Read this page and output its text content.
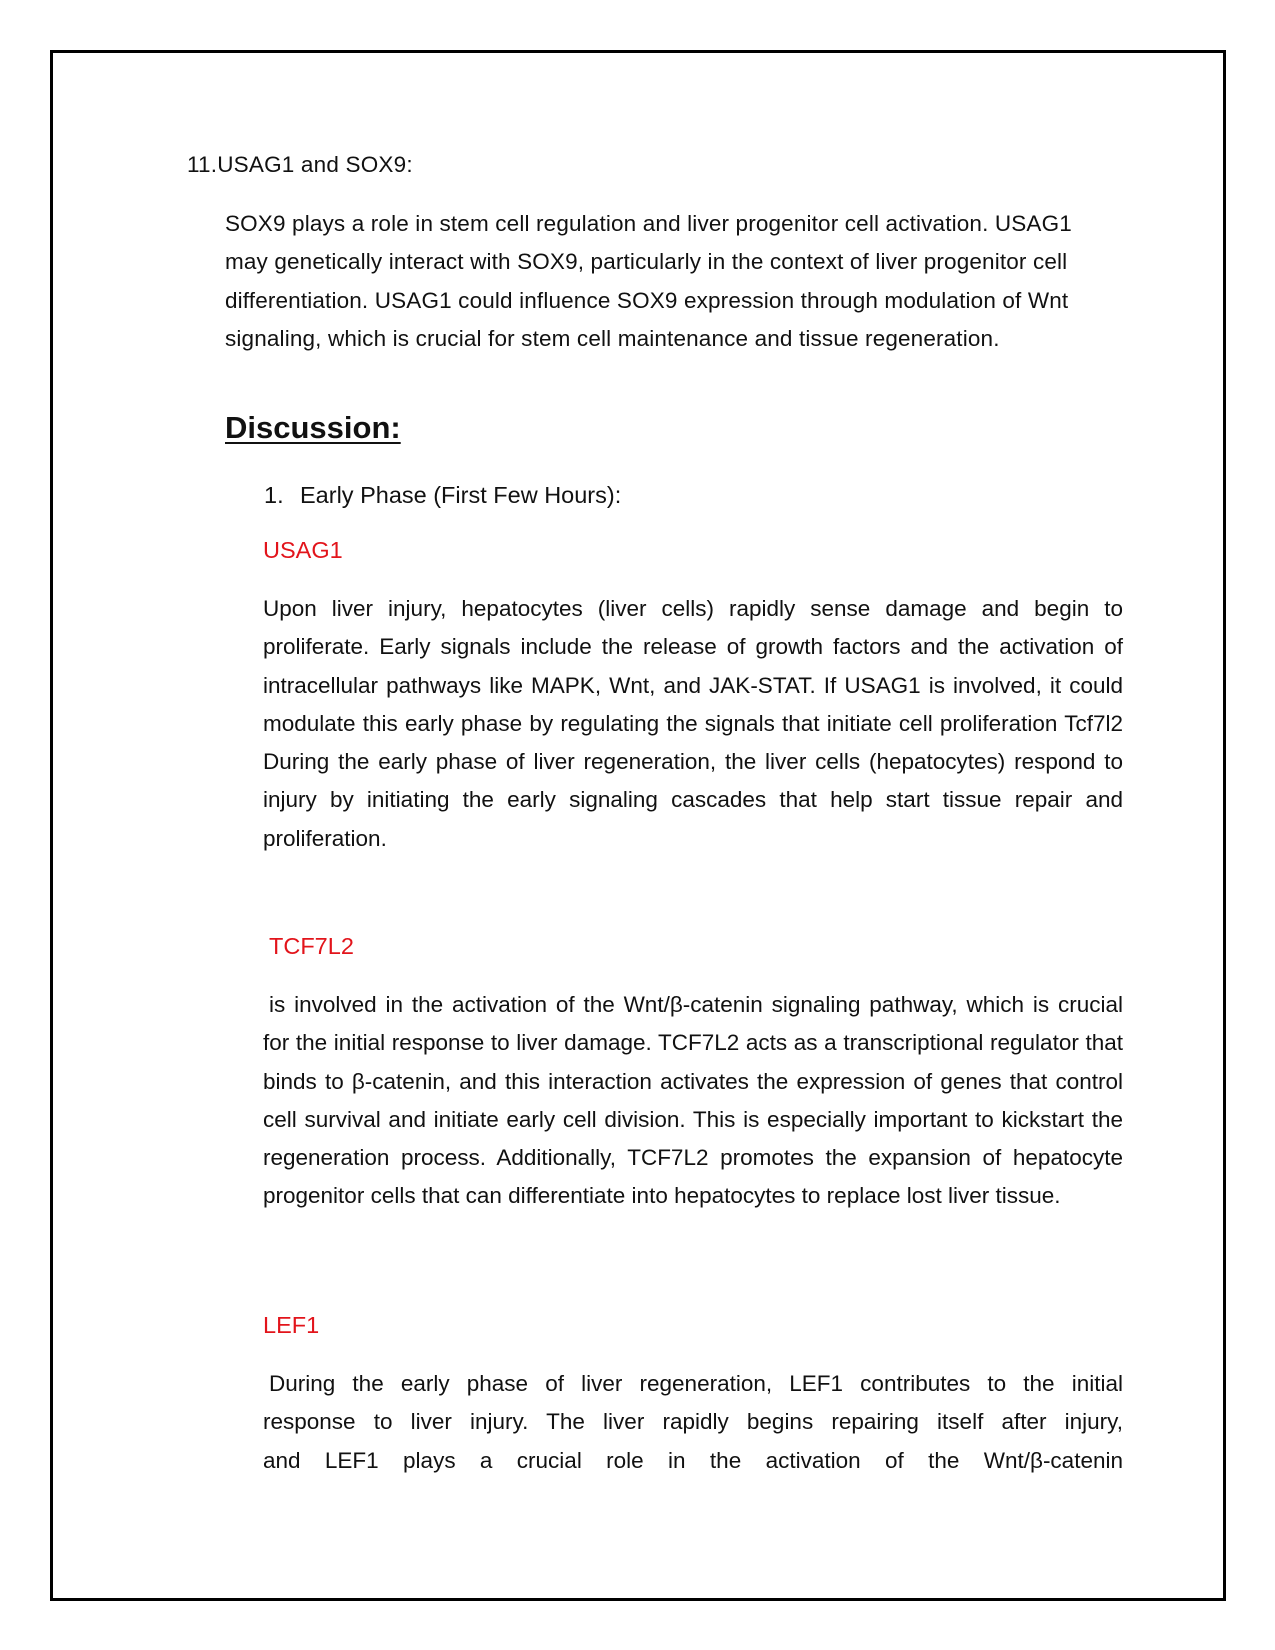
11.USAG1 and SOX9:
SOX9 plays a role in stem cell regulation and liver progenitor cell activation. USAG1 may genetically interact with SOX9, particularly in the context of liver progenitor cell differentiation. USAG1 could influence SOX9 expression through modulation of Wnt signaling, which is crucial for stem cell maintenance and tissue regeneration.
Discussion:
1. Early Phase (First Few Hours):
USAG1
Upon liver injury, hepatocytes (liver cells) rapidly sense damage and begin to proliferate. Early signals include the release of growth factors and the activation of intracellular pathways like MAPK, Wnt, and JAK-STAT. If USAG1 is involved, it could modulate this early phase by regulating the signals that initiate cell proliferation Tcf7l2 During the early phase of liver regeneration, the liver cells (hepatocytes) respond to injury by initiating the early signaling cascades that help start tissue repair and proliferation.
TCF7L2
is involved in the activation of the Wnt/β-catenin signaling pathway, which is crucial for the initial response to liver damage. TCF7L2 acts as a transcriptional regulator that binds to β-catenin, and this interaction activates the expression of genes that control cell survival and initiate early cell division. This is especially important to kickstart the regeneration process. Additionally, TCF7L2 promotes the expansion of hepatocyte progenitor cells that can differentiate into hepatocytes to replace lost liver tissue.
LEF1
During the early phase of liver regeneration, LEF1 contributes to the initial
response to liver injury. The liver rapidly begins repairing itself after injury,
and LEF1 plays a crucial role in the activation of the Wnt/β-catenin
